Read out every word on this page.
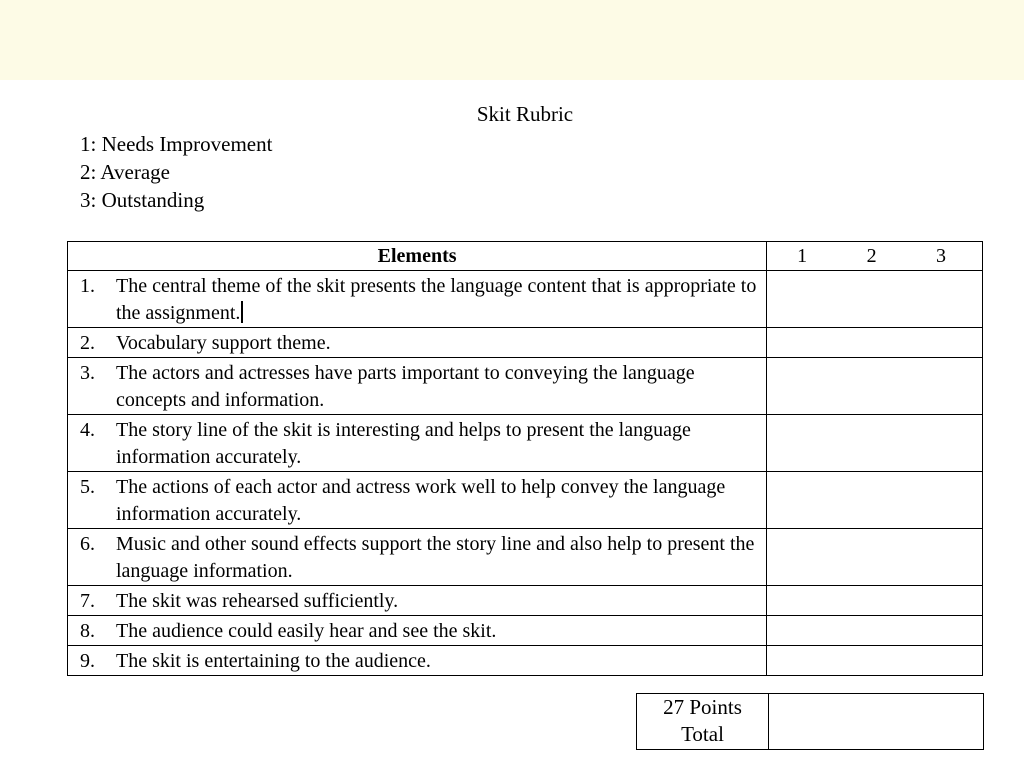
Skit Rubric
1: Needs Improvement
2: Average
3: Outstanding
Elements	1 2 3

1. The central theme of the skit presents the language content that is appropriate to the assignment.	

2. Vocabulary support theme.	

3. The actors and actresses have parts important to conveying the language concepts and information.	

4. The story line of the skit is interesting and helps to present the language information accurately.	

5. The actions of each actor and actress work well to help convey the language information accurately.	

6. Music and other sound effects support the story line and also help to present the language information.	

7. The skit was rehearsed sufficiently.	

8. The audience could easily hear and see the skit.	

9. The skit is entertaining to the audience.	

27 Points
Total
